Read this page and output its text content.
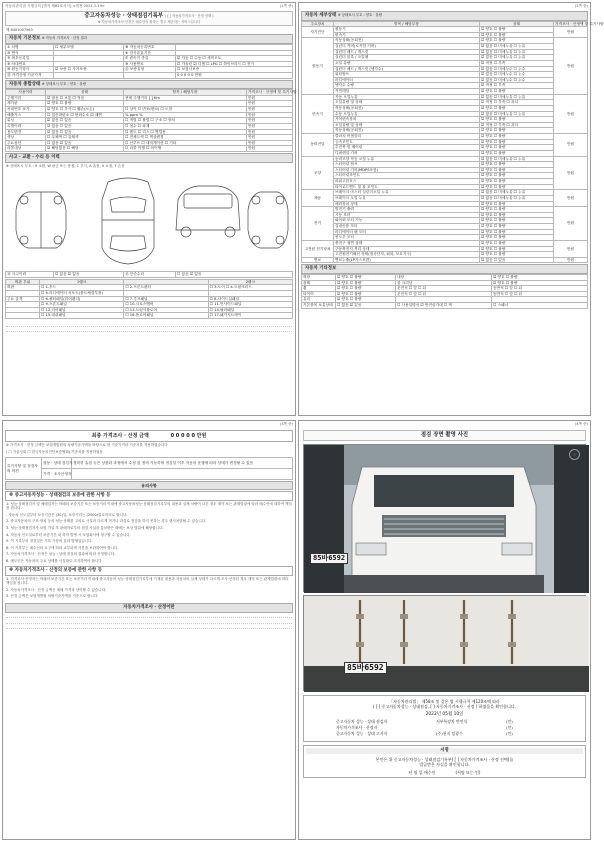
자동차관리법 시행규칙 [별지 제82호서식] <개정 2021.1.19>	(1쪽 중)
중고자동차성능 · 상태점검기록부 ( [ ] 자동차가격조사 · 산정 선택 )
※ 자동차가격조사·산정은 매수인이 원하는 경우 제공하는 서비스입니다
제 8401007563
자동차 기본정보 ※ 자동차 가격조사 · 산정 결과
① 차명	☐ 세무모델	⑧ 자동차등록번호	
③ 연식		④ 검사유효기간	
⑤ 최초등록일		⑦ 변속기 종류	☑ 자동 ☐ 수동 ☐ 세미오토
⑥ 차대번호		⑨ 사용연료	☐ 가솔린 ☑ 디젤 ☐ LPG ☐ 하이브리드 ☐ 전기
⑩ 원동기형식	☑ 보증 ☐ 자가보증	⑪ 보증유형	☐ 보험사보증
⑫ 가격산정 기준가격			0 0 0 0 0 만원
자동차 종합상태 ※ 상태표시 부호 : 양호 · 불량
사용이력	상태	항목 / 해당부품	가격조사 · 산정액 및 특기사항
주행거리	☑ 많음 ☐ 보통 ☐ 적음	현재 주행거리 [ ] Km	만원
계기판	☑ 양호 ☐ 불량		만원
차대번호 표기	☑ 양호 ☐ 부식 ☐ 훼손(오손)	☐ 상이 ☐ 변조(변타) ☐ 도말	만원
배출가스	☐ 일산화탄소 ☐ 탄화수소 ☑ 매연	% ppm %	만원
튜닝	☑ 없음 ☐ 있음	☐ 적법 ☐ 불법 ☐ 구조 ☐ 장치	만원
특별이력	☑ 없음 ☐ 있음	☐ 침수 ☐ 화재	만원
용도변경	☑ 없음 ☐ 있음	☐ 렌트 ☐ 리스 ☐ 영업용	만원
색상	☐ 무채색 ☐ 유채색	☐ 전체도색 ☐ 색상변경	만원
주요옵션	☐ 없음 ☑ 있음	☐ 선루프 ☐ 내비게이션 ☐ 기타	만원
리콜대상	☑ 해당없음 ☐ 해당	☐ 리콜 이행 ☐ 미이행	만원
사고 · 교환 · 수리 등 이력
※ 상태표시 부호 : X 교환, W 판금 또는 용접, C 부식, A 흠집, U 요철, T 손상
⑭ 사고이력	☐ 있음 ☑ 없음	⑮ 단순수리	☐ 있음 ☑ 없음
외판 부위	1랭크		2랭크
외판	☐ 1.후드	☐ 2.프론트펜더	☐ 3.도어 ☐ 4.트렁크리드
	☐ 5.라디에이터 서포트(볼트체결부품)		
주요 골격	☐ 6.쿼터패널(리어펜더)	☐ 7.루프패널	☐ 8.사이드실패널
	☐ 9.프론트패널	☐ 10.크로스멤버	☐ 11.인사이드패널
	☐ 12.리어패널	☐ 13.트렁크플로어	☐ 14.필러패널
	☐ 15.대쉬패널	☐ 16.플로어패널	☐ 17.패키지트레이
(2쪽 중)
자동차 세부상태 ※ 상태표시 부호 : 양호 · 불량
주요장치	항목 / 해당부품	상태	가격조사 · 산정액 및 특기사항
자기진단	원동기	☑ 양호 ☐ 불량	만원
	변속기	☑ 양호 ☐ 불량	
원동기	작동상태(공회전)	☑ 양호 ☐ 불량	만원
	실린더 커버(로커암 커버)	☑ 없음 ☐ 미세누유 ☐ 누유	
	실린더 헤드 / 개스킷	☑ 없음 ☐ 미세누유 ☐ 누유	
	실린더 블록 / 오일팬	☑ 없음 ☐ 미세누유 ☐ 누유	
	오일 유량	☑ 적정 ☐ 부족	
	실린더 헤드 / 개스킷 (냉각수)	☑ 없음 ☐ 미세누수 ☐ 누수	
	워터펌프	☑ 없음 ☐ 미세누수 ☐ 누수	
	라디에이터	☑ 없음 ☐ 미세누수 ☐ 누수	
	냉각수 수량	☑ 적정 ☐ 부족	
	커먼레일	☑ 양호 ☐ 불량	
변속기	자동 오일누유	☑ 없음 ☐ 미세누유 ☐ 누유	만원
	오일유량 및 상태	☑ 적정 ☐ 부족 ☐ 과다	
	작동상태(공회전)	☑ 양호 ☐ 불량	
	수동 오일누유	☑ 없음 ☐ 미세누유 ☐ 누유	
	기어변속장치	☑ 양호 ☐ 불량	
	오일유량 및 상태	☑ 적정 ☐ 부족 ☐ 과다	
	작동상태(공회전)	☑ 양호 ☐ 불량	
동력전달	클러치 어셈블리	☑ 양호 ☐ 불량	만원
	등속조인트	☑ 양호 ☐ 불량	
	추진축 및 베어링	☑ 양호 ☐ 불량	
	디퍼렌셜 기어	☑ 양호 ☐ 불량	
조향	동력조향 작동 오일 누유	☑ 없음 ☐ 미세누유 ☐ 누유	만원
	스티어링 펌프	☑ 양호 ☐ 불량	
	스티어링 기어(MDPS포함)	☑ 양호 ☐ 불량	
	스티어링조인트	☑ 양호 ☐ 불량	
	파워고압호스	☑ 양호 ☐ 불량	
	타이로드엔드 및 볼 조인트	☑ 양호 ☐ 불량	
제동	브레이크 마스터 실린더오일 누유	☑ 없음 ☐ 미세누유 ☐ 누유	만원
	브레이크 오일 누유	☑ 없음 ☐ 미세누유 ☐ 누유	
	배력장치 상태	☑ 양호 ☐ 불량	
전기	발전기 출력	☑ 양호 ☐ 불량	만원
	시동 모터	☑ 양호 ☐ 불량	
	와이퍼 모터 기능	☑ 양호 ☐ 불량	
	실내송풍 모터	☑ 양호 ☐ 불량	
	라디에이터 팬 모터	☑ 양호 ☐ 불량	
	윈도우 모터	☑ 양호 ☐ 불량	
고전원 전기장치	충전구 절연 상태	☑ 양호 ☐ 불량	만원
	구동축전지 격리 상태	☑ 양호 ☐ 불량	
	고전원전기배선 상태(접속단자, 피복, 보호기구)	☑ 양호 ☐ 불량	
연료	연료누출(LP가스포함)	☑ 없음 ☐ 있음	만원
자동차 기타정보
외장	☑ 양호 ☐ 불량	내장	☑ 양호 ☐ 불량
광택	☑ 양호 ☐ 불량	룸 크리닝	☑ 양호 ☐ 불량
휠	☑ 양호 ☐ 불량	운전석 ☐ 앞 ☐ 뒤	동반석 ☐ 앞 ☐ 뒤
타이어	☑ 양호 ☐ 불량	운전석 ☐ 앞 ☐ 뒤	동반석 ☐ 앞 ☐ 뒤
유리	☑ 양호 ☐ 불량		
기본품목 보유상태	☐ 없음 ☑ 있음	☐ 사용설명서 ☑ 안전삼각대 ☐ 잭	☐ 스패너
(3쪽 중)
최종 가격조사 · 산정 금액	0 0 0 0 0 만원
※ 가격조사 · 산정 금액은 보험개발원의 차량기준가액을 바탕으로 한 기준가격과 기준서를 적용하였습니다
( ☐ 기술사회 ☐ 한국자동차진단보증협회) 기준서를 적용하였음
특기사항 및 점검자의 의견	성능 · 상태 점검자	경미한 흠집 등은 상품화 과정에서 수정 및 정비 가능하며 점검일 이후 자동차 운행에 따라 상태가 변경될 수 있음
	가격 · 조사산정자	
유의사항
※ 중고자동차성능 · 상태점검의 보증에 관한 사항 등
1. 성능·상태점검자 및 매매업자는 아래의 보증기간 또는 보증거리 이내에 중고자동차성능·상태점검기록부의 내용과 실제 차량이 다른 경우 계약 또는 관계법령에 따라 매수인에 대하여 책임을 집니다.
- 자동차 인도일부터 보증기간은 (30)일, 보증거리는 (2000)킬로미터로 합니다.
2. 중고자동차의 구조·장치 등의 성능·상태를 고의로 사실과 다르게 적거나 과실로 점검을 하지 못하는 경우 형사처벌될 수 있습니다.
3. 성능·상태점검자가 보험 가입 후 판매자로부터 점검 사실을 통보받은 때에는 보상 범위에 해당합니다.
4. 자동차 인도일로부터 보증기간 내 하자 발생 시 보험회사에 청구할 수 있습니다.
5. 이 기록부의 점검일은 기록 사항의 효력 발생일입니다.
6. 이 기록부는 매수인의 요구에 따라 교부되며 사본을 보관하여야 합니다.
7. 자동차가격조사 · 산정은 성능 · 상태 점검의 결과에 따라 산정합니다.
8. 매도인은 자동차의 주요 상태를 사실대로 고지하여야 합니다.
※ 자동차가격조사 · 산정의 보증에 관한 사항 등
1. 가격조사·산정자는 아래의 보증기간 또는 보증거리 이내에 중고자동차 성능·상태점검기록부에 기재된 내용과 자동차의 실제 상태가 다르게 조사·산정된 경우 계약 또는 관계법령에 따라 책임을 집니다.
2. 자동차가격조사 · 산정 금액은 매매 가격과 상이할 수 있습니다.
3. 산정 금액은 보험개발원 차량기준가액을 기준으로 합니다.
자동차가격조사 · 산정이란
(4쪽 중)
점검 장면 촬영 사진
85바6592
85바6592
「자동차관리법」 제58조 및 같은 법 시행규칙 제120조에 따라
( [ ] 중고자동차성능 · 상태점검, [ ] 자동차가격조사 · 산정 ) 하였음을 확인합니다.
2022년 05월 10일
중고자동차 성능 · 상태 점검자	서부특장차 반인석	(인)
자동차가격조사 · 산정자	(인)
중고자동차 성능 · 상태 고지자	(주)천지 임광수	(인)
印
서명
본인은 위 중고자동차성능 · 상태점검기록부( [ ] 자동차가격조사 · 산정 선택)를
발급받은 사실을 확인합니다.
년 월 일 매수인	(서명 또는 인)
